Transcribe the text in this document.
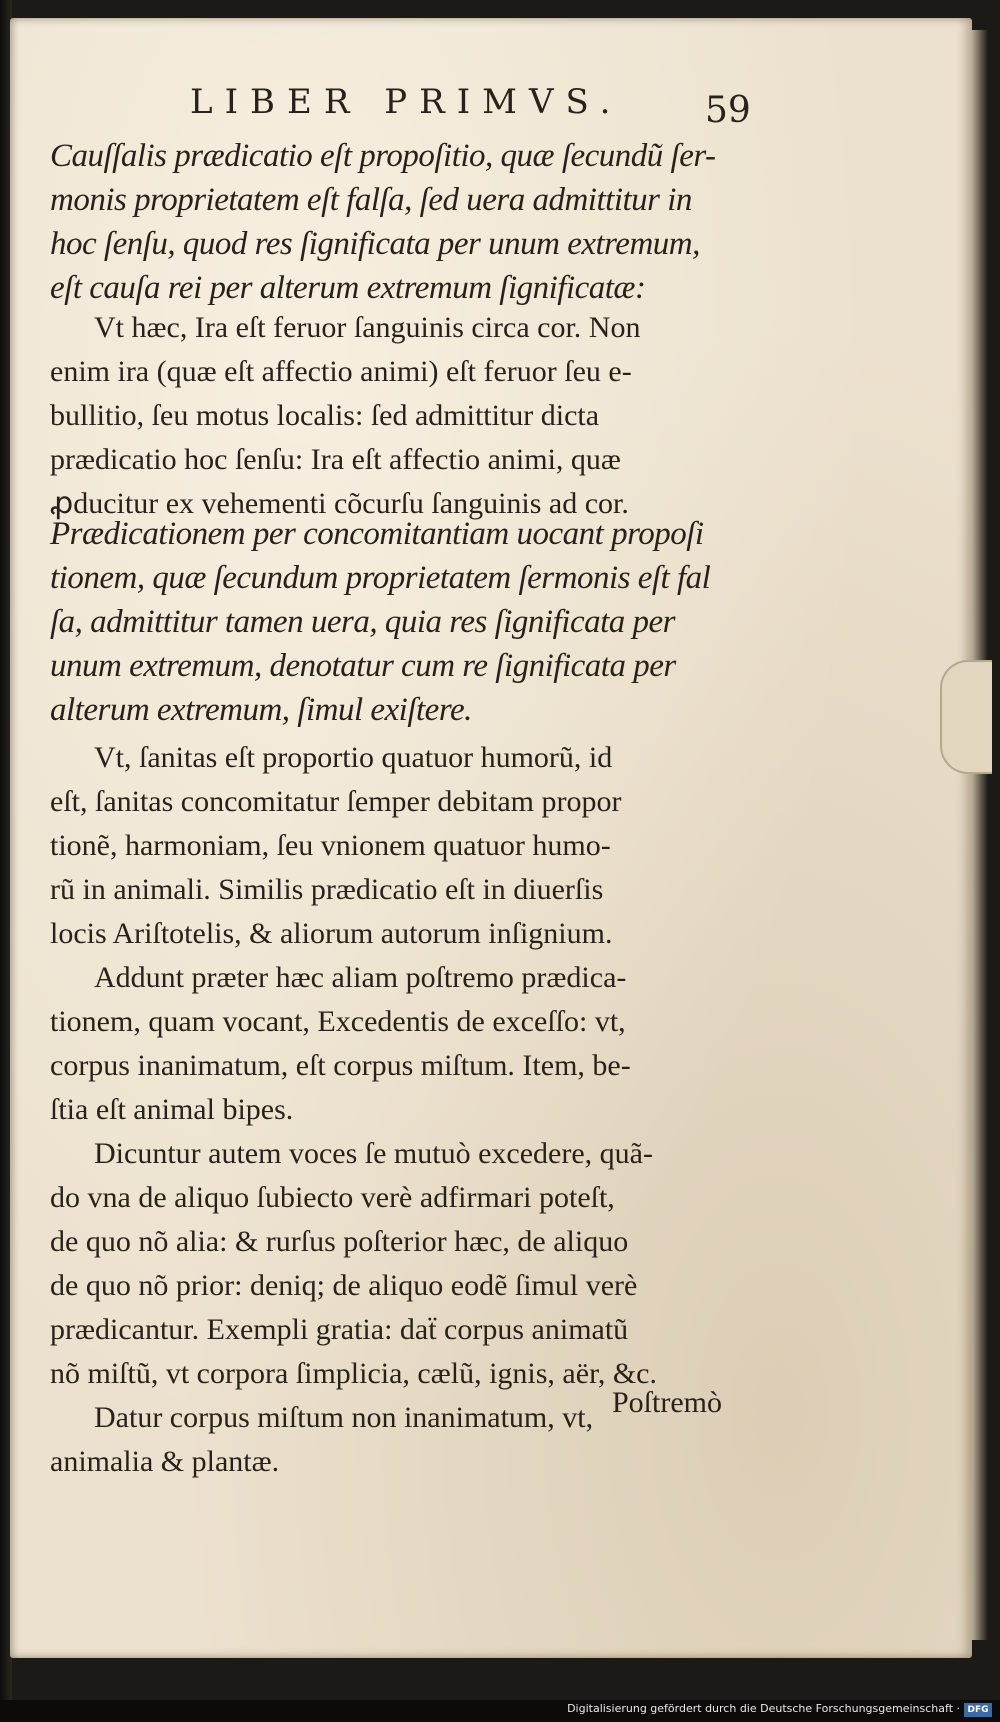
LIBER PRIMVS. 59
Cauſſalis prædicatio eſt propoſitio, quæ ſecundũ ſer-
monis proprietatem eſt falſa, ſed uera admittitur in
hoc ſenſu, quod res ſignificata per unum extremum,
eſt cauſa rei per alterum extremum ſignificatæ:
Vt hæc, Ira eſt feruor ſanguinis circa cor. Non
enim ira (quæ eſt affectio animi) eſt feruor ſeu e-
bullitio, ſeu motus localis: ſed admittitur dicta
prædicatio hoc ſenſu: Ira eſt affectio animi, quæ
ꝓducitur ex vehementi cõcurſu ſanguinis ad cor.
Prædicationem per concomitantiam uocant propoſi
tionem, quæ ſecundum proprietatem ſermonis eſt fal
ſa, admittitur tamen uera, quia res ſignificata per
unum extremum, denotatur cum re ſignificata per
alterum extremum, ſimul exiſtere.
Vt, ſanitas eſt proportio quatuor humorũ, id
eſt, ſanitas concomitatur ſemper debitam propor
tionẽ, harmoniam, ſeu vnionem quatuor humo-
rũ in animali. Similis prædicatio eſt in diuerſis
locis Ariſtotelis, & aliorum autorum inſignium.
Addunt præter hæc aliam poſtremo prædica-
tionem, quam vocant, Excedentis de exceſſo: vt,
corpus inanimatum, eſt corpus miſtum. Item, be-
ſtia eſt animal bipes.
Dicuntur autem voces ſe mutuò excedere, quã-
do vna de aliquo ſubiecto verè adfirmari poteſt,
de quo nõ alia: & rurſus poſterior hæc, de aliquo
de quo nõ prior: deniq; de aliquo eodẽ ſimul verè
prædicantur. Exempli gratia: daẗ corpus animatũ
nõ miſtũ, vt corpora ſimplicia, cælũ, ignis, aër, &c.
Datur corpus miſtum non inanimatum, vt,
animalia & plantæ.
Poſtremò
Digitalisierung gefördert durch die Deutsche Forschungsgemeinschaft · DFG
